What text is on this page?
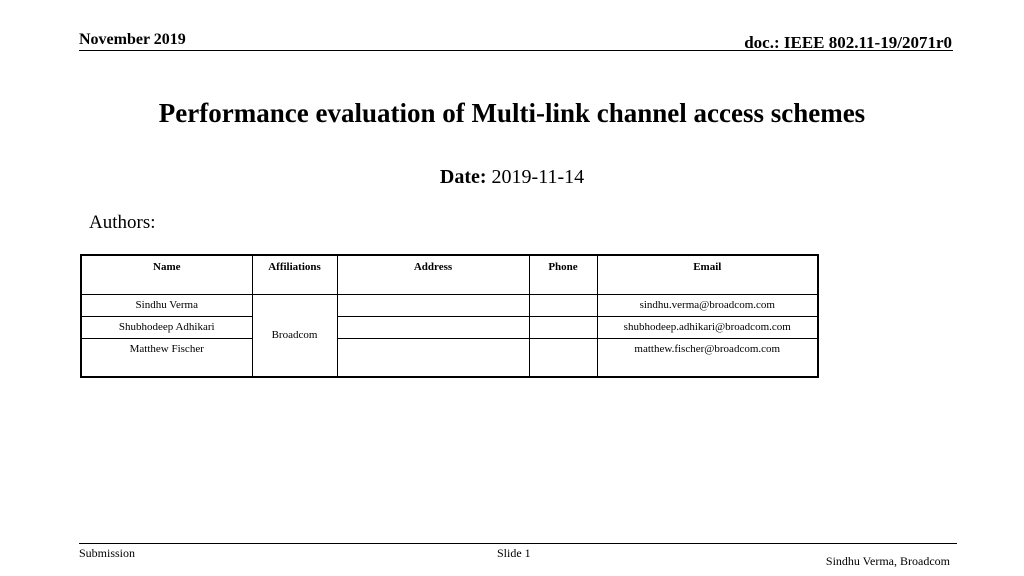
November 2019	doc.: IEEE 802.11-19/2071r0
Performance evaluation of Multi-link channel access schemes
Date: 2019-11-14
Authors:
Name	Affiliations	Address	Phone	Email
Sindhu Verma	Broadcom			sindhu.verma@broadcom.com
Shubhodeep Adhikari				shubhodeep.adhikari@broadcom.com
Matthew Fischer				matthew.fischer@broadcom.com
Submission	Slide 1
Sindhu Verma, Broadcom
